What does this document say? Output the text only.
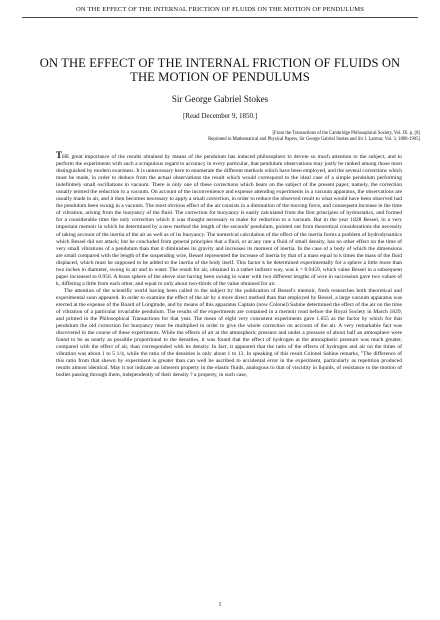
ON THE EFFECT OF THE INTERNAL FRICTION OF FLUIDS ON THE MOTION OF PENDULUMS
ON THE EFFECT OF THE INTERNAL FRICTION OF FLUIDS ON THE MOTION OF PENDULUMS
Sir George Gabriel Stokes
[Read December 9, 1850.]
[From the Transactions of the Cambridge Philosophical Society, Vol. IX. p. [8]
Reprinted in Mathematical and Physical Papers, Sir George Gabriel Stokes and Sir J. Larmor, Vol. 3, 1880-1905]

THE great importance of the results obtained by means of the pendulum has induced philosophers to devote so much attention to the subject, and to perform the experiments with such a scrupulous regard to accuracy in every particular, that pendulum observations may justly be ranked among those most distinguished by modern exactness. It is unnecessary here to enumerate the different methods which have been employed, and the several corrections which must be made, in order to deduce from the actual observations the result which would correspond to the ideal case of a simple pendulum performing indefinitely small oscillations in vacuum. There is only one of these corrections which bears on the subject of the present paper, namely, the correction usually termed the reduction to a vacuum. On account of the inconvenience and expense attending experiments in a vacuum apparatus, the observations are usually made in air, and it then becomes necessary to apply a small correction, in order to reduce the observed result to what would have been observed had the pendulum been swung in a vacuum. The most obvious effect of the air consists in a diminution of the moving force, and consequent increase in the time of vibration, arising from the buoyancy of the fluid. The correction for buoyancy is easily calculated from the first principles of hydrostatics, and formed for a considerable time the only correction which it was thought necessary to make for reduction to a vacuum. But in the year 1828 Bessel, in a very important memoir in which he determined by a new method the length of the seconds' pendulum, pointed out from theoretical considerations the necessity of taking account of the inertia of the air as well as of its buoyancy. The numerical calculation of the effect of the inertia forms a problem of hydrodynamics which Bessel did not attack; but he concluded from general principles that a fluid, or at any rate a fluid of small density, has no other effect on the time of very small vibrations of a pendulum than that it diminishes its gravity and increases its moment of inertia. In the case of a body of which the dimensions are small compared with the length of the suspending wire, Bessel represented the increase of inertia by that of a mass equal to k times the mass of the fluid displaced, which must be supposed to be added to the inertia of the body itself. This factor k he determined experimentally for a sphere a little more than two inches in diameter, swung in air and in water. The result for air, obtained in a rather indirect way, was k = 0.9459, which value Bessel in a subsequent paper increased to 0.956. A brass sphere of the above size having been swung in water with two different lengths of wire in succession gave two values of k, differing a little from each other, and equal to only about two-thirds of the value obtained for air.

The attention of the scientific world having been called to the subject by the publication of Bessel's memoir, fresh researches both theoretical and experimental soon appeared. In order to examine the effect of the air by a more direct method than that employed by Bessel, a large vacuum apparatus was erected at the expense of the Board of Longitude, and by means of this apparatus Captain (now Colonel) Sabine determined the effect of the air on the time of vibration of a particular invariable pendulum. The results of the experiments are contained in a memoir read before the Royal Society in March 1829, and printed in the Philosophical Transactions for that year. The mean of eight very consistent experiments gave 1.655 as the factor by which for that pendulum the old correction for buoyancy must be multiplied in order to give the whole correction on account of the air. A very remarkable fact was discovered in the course of these experiments. While the effects of air at the atmospheric pressure and under a pressure of about half an atmosphere were found to be as nearly as possible proportional to the densities, it was found that the effect of hydrogen at the atmospheric pressure was much greater, compared with the effect of air, than corresponded with its density. In fact, it appeared that the ratio of the effects of hydrogen and air on the times of vibration was about 1 to 5 1/4, while the ratio of the densities is only about 1 to 13. In speaking of this result Colonel Sabine remarks, "The difference of this ratio from that shewn by experiment is greater than can well be ascribed to accidental error in the experiment, particularly as repetition produced results almost identical. May it not indicate an inherent property in the elastic fluids, analogous to that of viscidity in liquids, of resistance to the motion of bodies passing through them, independently of their density ? a property, in such case,

1
